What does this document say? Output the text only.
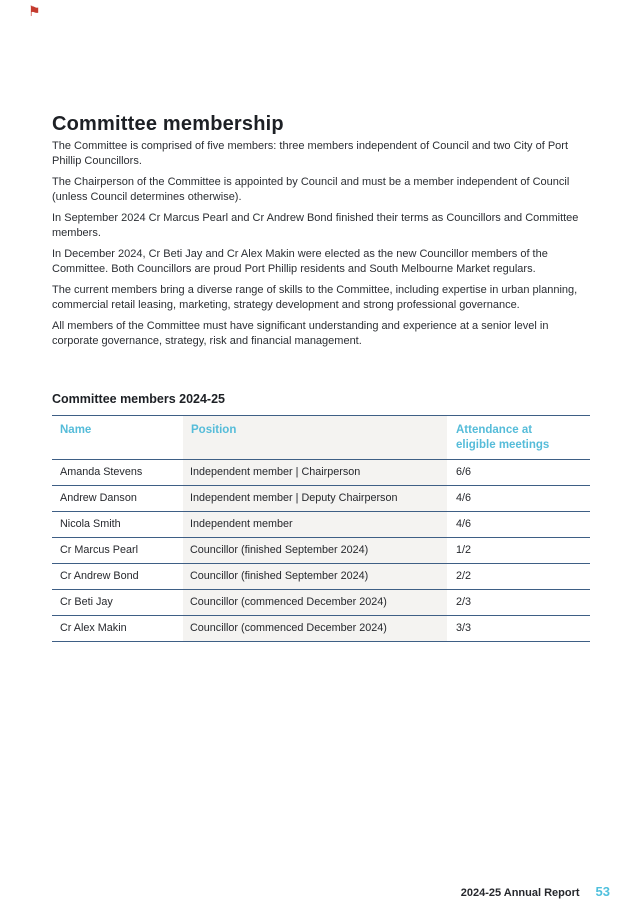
⚑
Committee membership

The Committee is comprised of five members: three members independent of Council and two City of Port Phillip Councillors.

The Chairperson of the Committee is appointed by Council and must be a member independent of Council (unless Council determines otherwise).

In September 2024 Cr Marcus Pearl and Cr Andrew Bond finished their terms as Councillors and Committee members.

In December 2024, Cr Beti Jay and Cr Alex Makin were elected as the new Councillor members of the Committee. Both Councillors are proud Port Phillip residents and South Melbourne Market regulars.

The current members bring a diverse range of skills to the Committee, including expertise in urban planning, commercial retail leasing, marketing, strategy development and strong professional governance.

All members of the Committee must have significant understanding and experience at a senior level in corporate governance, strategy, risk and financial management.

Committee members 2024-25
Name	Position	Attendance at eligible meetings

Amanda Stevens	Independent member | Chairperson	6/6
Andrew Danson	Independent member | Deputy Chairperson	4/6
Nicola Smith	Independent member	4/6
Cr Marcus Pearl	Councillor (finished September 2024)	1/2
Cr Andrew Bond	Councillor (finished September 2024)	2/2
Cr Beti Jay	Councillor (commenced December 2024)	2/3
Cr Alex Makin	Councillor (commenced December 2024)	3/3
2024-25 Annual Report 53
